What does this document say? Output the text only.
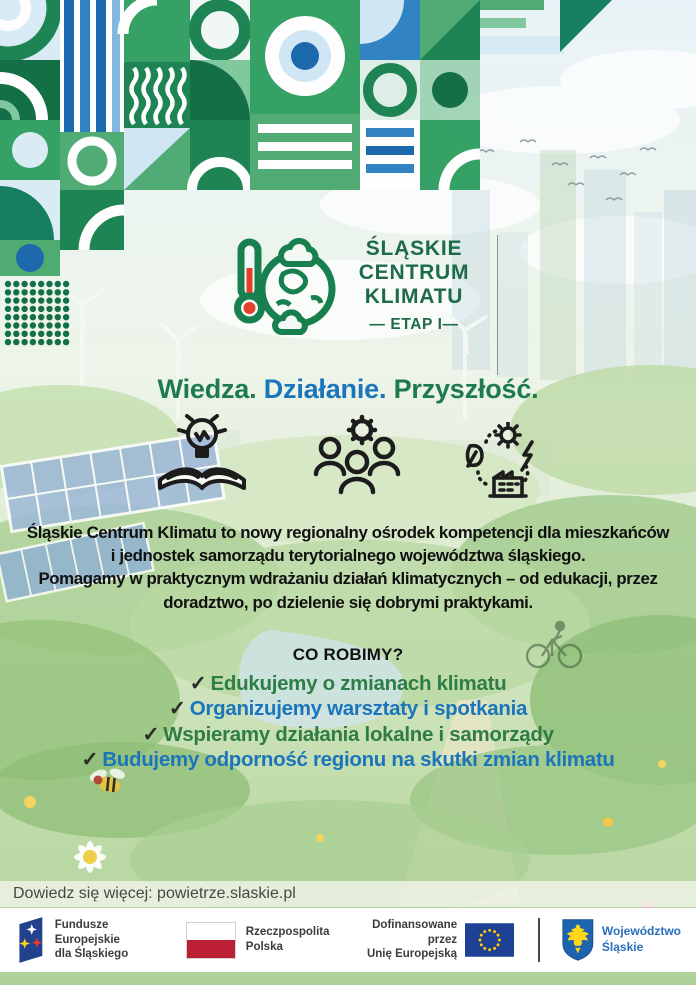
ŚLĄSKIE
CENTRUM
KLIMATU
— ETAP I—
Wiedza. Działanie. Przyszłość.
Śląskie Centrum Klimatu to nowy regionalny ośrodek kompetencji dla mieszkańców
i jednostek samorządu terytorialnego województwa śląskiego.
Pomagamy w praktycznym wdrażaniu działań klimatycznych – od edukacji, przez
doradztwo, po dzielenie się dobrymi praktykami.
CO ROBIMY?
✓ Edukujemy o zmianach klimatu
✓ Organizujemy warsztaty i spotkania
✓ Wspieramy działania lokalne i samorządy
✓ Budujemy odporność regionu na skutki zmian klimatu
Dowiedz się więcej: powietrze.slaskie.pl
Fundusze Europejskie
dla Śląskiego
Rzeczpospolita
Polska
Dofinansowane przez
Unię Europejską
Województwo
Śląskie
